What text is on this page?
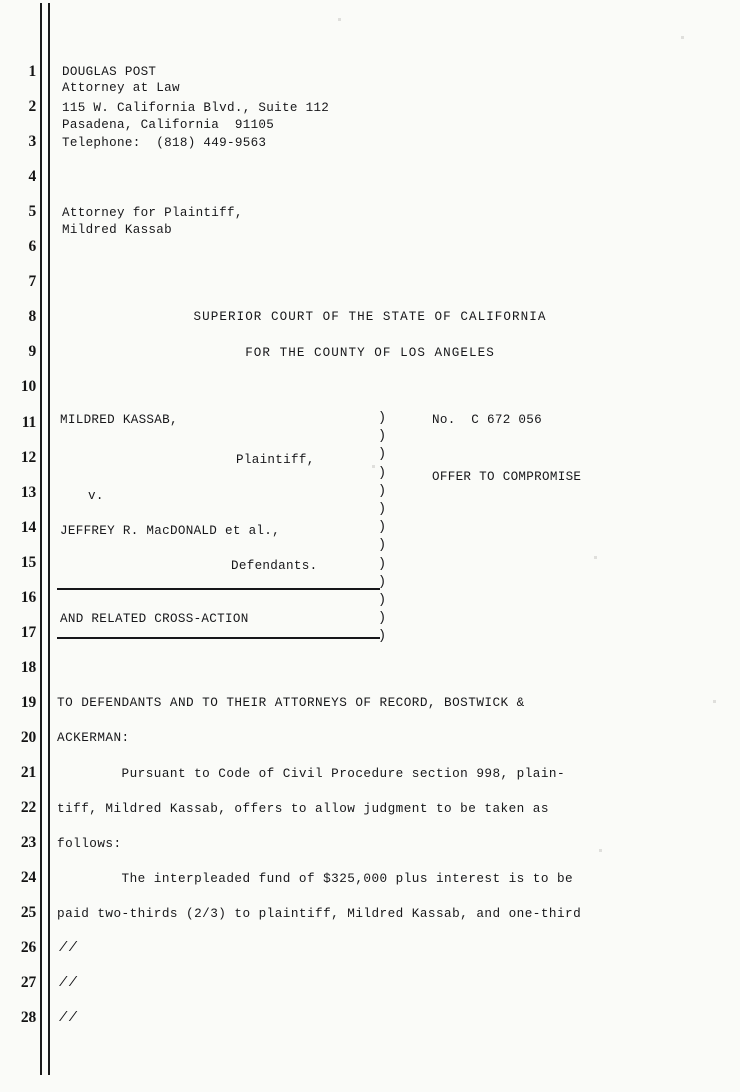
1
2
3
4
5
6
7
8
9
10
11
12
13
14
15
16
17
18
19
20
21
22
23
24
25
26
27
28
DOUGLAS POST
Attorney at Law
115 W. California Blvd., Suite 112
Pasadena, California  91105
Telephone:  (818) 449-9563
Attorney for Plaintiff,
Mildred Kassab
SUPERIOR COURT OF THE STATE OF CALIFORNIA
FOR THE COUNTY OF LOS ANGELES
MILDRED KASSAB,
Plaintiff,
v.
JEFFREY R. MacDONALD et al.,
Defendants.
AND RELATED CROSS-ACTION
)
)
)
)
)
)
)
)
)
)
)
)
)
No.  C 672 056
OFFER TO COMPROMISE
TO DEFENDANTS AND TO THEIR ATTORNEYS OF RECORD, BOSTWICK &
ACKERMAN:
Pursuant to Code of Civil Procedure section 998, plain-
tiff, Mildred Kassab, offers to allow judgment to be taken as
follows:
The interpleaded fund of $325,000 plus interest is to be
paid two-thirds (2/3) to plaintiff, Mildred Kassab, and one-third
//
//
//
